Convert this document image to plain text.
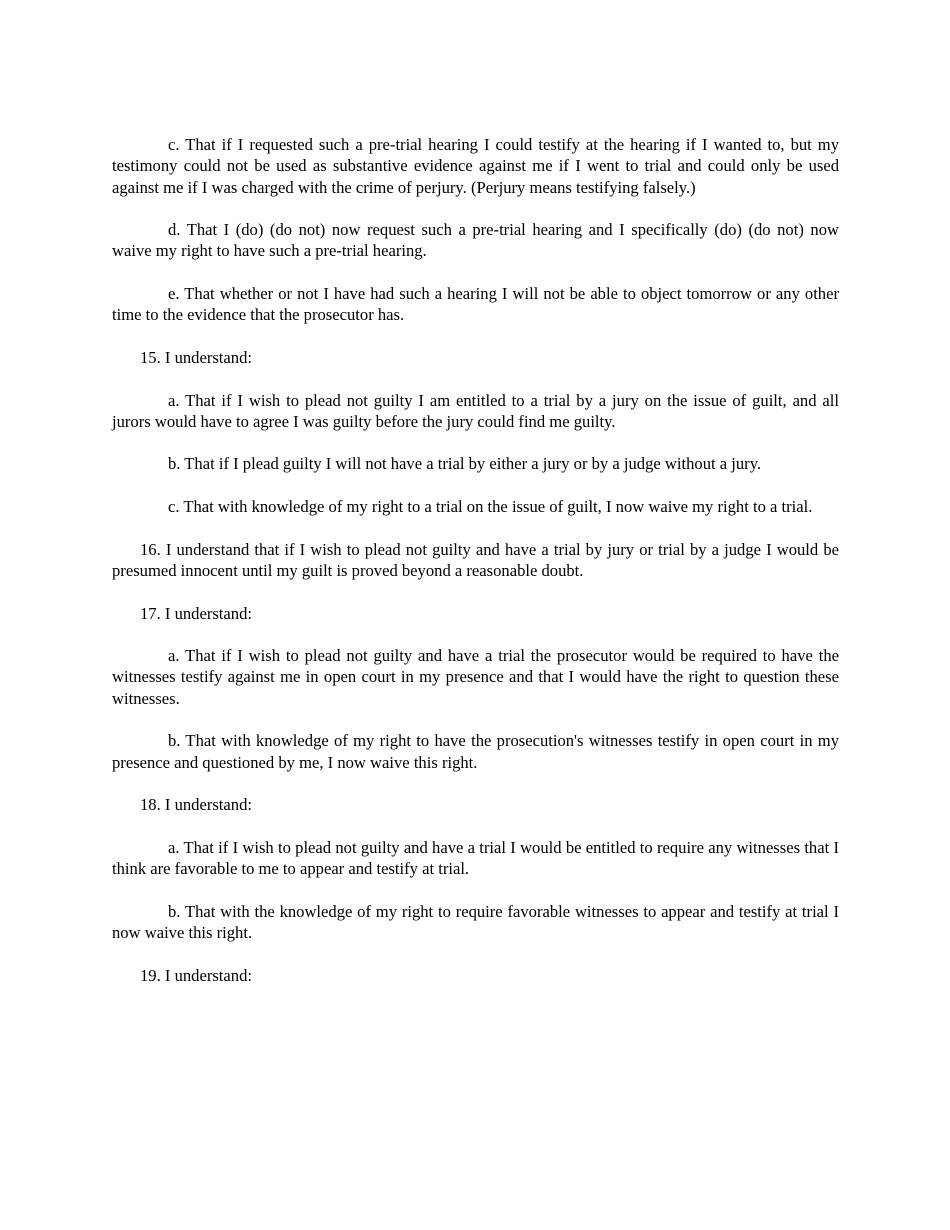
c. That if I requested such a pre-trial hearing I could testify at the hearing if I wanted to, but my testimony could not be used as substantive evidence against me if I went to trial and could only be used against me if I was charged with the crime of perjury. (Perjury means testifying falsely.)

d. That I (do) (do not) now request such a pre-trial hearing and I specifically (do) (do not) now waive my right to have such a pre-trial hearing.

e. That whether or not I have had such a hearing I will not be able to object tomorrow or any other time to the evidence that the prosecutor has.

15. I understand:

a. That if I wish to plead not guilty I am entitled to a trial by a jury on the issue of guilt, and all jurors would have to agree I was guilty before the jury could find me guilty.

b. That if I plead guilty I will not have a trial by either a jury or by a judge without a jury.

c. That with knowledge of my right to a trial on the issue of guilt, I now waive my right to a trial.

16. I understand that if I wish to plead not guilty and have a trial by jury or trial by a judge I would be presumed innocent until my guilt is proved beyond a reasonable doubt.

17. I understand:

a. That if I wish to plead not guilty and have a trial the prosecutor would be required to have the witnesses testify against me in open court in my presence and that I would have the right to question these witnesses.

b. That with knowledge of my right to have the prosecution's witnesses testify in open court in my presence and questioned by me, I now waive this right.

18. I understand:

a. That if I wish to plead not guilty and have a trial I would be entitled to require any witnesses that I think are favorable to me to appear and testify at trial.

b. That with the knowledge of my right to require favorable witnesses to appear and testify at trial I now waive this right.

19. I understand:
